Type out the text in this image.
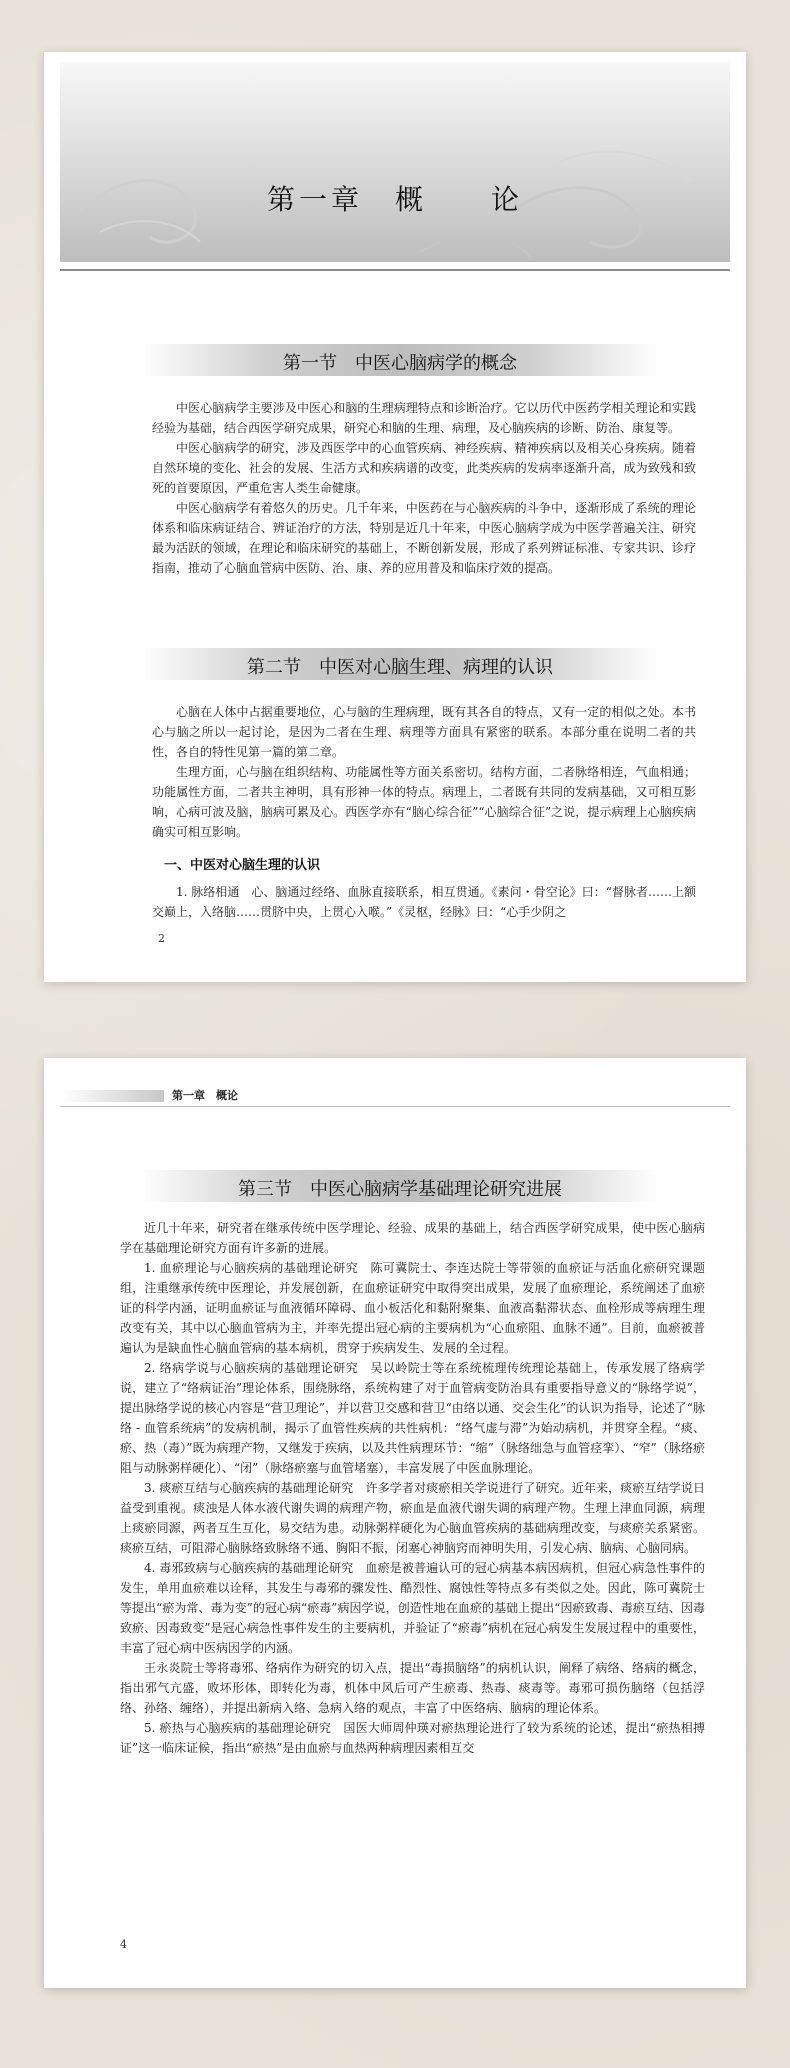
第一章　概　　论
第一节　中医心脑病学的概念

中医心脑病学主要涉及中医心和脑的生理病理特点和诊断治疗。它以历代中医药学相关理论和实践经验为基础，结合西医学研究成果，研究心和脑的生理、病理，及心脑疾病的诊断、防治、康复等。

中医心脑病学的研究，涉及西医学中的心血管疾病、神经疾病、精神疾病以及相关心身疾病。随着自然环境的变化、社会的发展、生活方式和疾病谱的改变，此类疾病的发病率逐渐升高，成为致残和致死的首要原因，严重危害人类生命健康。

中医心脑病学有着悠久的历史。几千年来，中医药在与心脑疾病的斗争中，逐渐形成了系统的理论体系和临床病证结合、辨证治疗的方法，特别是近几十年来，中医心脑病学成为中医学普遍关注、研究最为活跃的领域，在理论和临床研究的基础上，不断创新发展，形成了系列辨证标准、专家共识、诊疗指南，推动了心脑血管病中医防、治、康、养的应用普及和临床疗效的提高。

第二节　中医对心脑生理、病理的认识

心脑在人体中占据重要地位，心与脑的生理病理，既有其各自的特点，又有一定的相似之处。本书心与脑之所以一起讨论，是因为二者在生理、病理等方面具有紧密的联系。本部分重在说明二者的共性，各自的特性见第一篇的第二章。

生理方面，心与脑在组织结构、功能属性等方面关系密切。结构方面，二者脉络相连，气血相通；功能属性方面，二者共主神明，具有形神一体的特点。病理上，二者既有共同的发病基础，又可相互影响，心病可波及脑，脑病可累及心。西医学亦有“脑心综合征”“心脑综合征”之说，提示病理上心脑疾病确实可相互影响。

一、中医对心脑生理的认识

1. 脉络相通　心、脑通过经络、血脉直接联系，相互贯通。《素问・骨空论》曰：“督脉者……上额交巅上，入络脑……贯脐中央，上贯心入喉。”《灵枢，经脉》曰：“心手少阴之

2
第一章　概论
第三节　中医心脑病学基础理论研究进展

近几十年来，研究者在继承传统中医学理论、经验、成果的基础上，结合西医学研究成果，使中医心脑病学在基础理论研究方面有许多新的进展。

1. 血瘀理论与心脑疾病的基础理论研究　陈可冀院士、李连达院士等带领的血瘀证与活血化瘀研究课题组，注重继承传统中医理论，并发展创新，在血瘀证研究中取得突出成果，发展了血瘀理论，系统阐述了血瘀证的科学内涵，证明血瘀证与血液循环障碍、血小板活化和黏附聚集、血液高黏滞状态、血栓形成等病理生理改变有关，其中以心脑血管病为主，并率先提出冠心病的主要病机为“心血瘀阻、血脉不通”。目前，血瘀被普遍认为是缺血性心脑血管病的基本病机，贯穿于疾病发生、发展的全过程。

2. 络病学说与心脑疾病的基础理论研究　吴以岭院士等在系统梳理传统理论基础上，传承发展了络病学说，建立了“络病证治”理论体系，围绕脉络，系统构建了对于血管病变防治具有重要指导意义的“脉络学说”，提出脉络学说的核心内容是“营卫理论”，并以营卫交感和营卫“由络以通、交会生化”的认识为指导，论述了“脉络 - 血管系统病”的发病机制，揭示了血管性疾病的共性病机：“络气虚与滞”为始动病机，并贯穿全程。“痰、瘀、热（毒）”既为病理产物，又继发于疾病，以及共性病理环节：“缩”（脉络绌急与血管痉挛）、“窄”（脉络瘀阻与动脉粥样硬化）、“闭”（脉络瘀塞与血管堵塞），丰富发展了中医血脉理论。

3. 痰瘀互结与心脑疾病的基础理论研究　许多学者对痰瘀相关学说进行了研究。近年来，痰瘀互结学说日益受到重视。痰浊是人体水液代谢失调的病理产物，瘀血是血液代谢失调的病理产物。生理上津血同源，病理上痰瘀同源，两者互生互化，易交结为患。动脉粥样硬化为心脑血管疾病的基础病理改变，与痰瘀关系紧密。痰瘀互结，可阻滞心脑脉络致脉络不通、胸阳不振，闭塞心神脑窍而神明失用，引发心病、脑病、心脑同病。

4. 毒邪致病与心脑疾病的基础理论研究　血瘀是被普遍认可的冠心病基本病因病机，但冠心病急性事件的发生，单用血瘀难以诠释，其发生与毒邪的骤发性、酷烈性、腐蚀性等特点多有类似之处。因此，陈可冀院士等提出“瘀为常、毒为变”的冠心病“瘀毒”病因学说，创造性地在血瘀的基础上提出“因瘀致毒、毒瘀互结、因毒致瘀、因毒致变”是冠心病急性事件发生的主要病机，并验证了“瘀毒”病机在冠心病发生发展过程中的重要性，丰富了冠心病中医病因学的内涵。

王永炎院士等将毒邪、络病作为研究的切入点，提出“毒损脑络”的病机认识，阐释了病络、络病的概念，指出邪气亢盛，败坏形体，即转化为毒，机体中风后可产生瘀毒、热毒、痰毒等。毒邪可损伤脑络（包括浮络、孙络、缠络），并提出新病入络、急病入络的观点，丰富了中医络病、脑病的理论体系。

5. 瘀热与心脑疾病的基础理论研究　国医大师周仲瑛对瘀热理论进行了较为系统的论述，提出“瘀热相搏证”这一临床证候，指出“瘀热”是由血瘀与血热两种病理因素相互交

4
